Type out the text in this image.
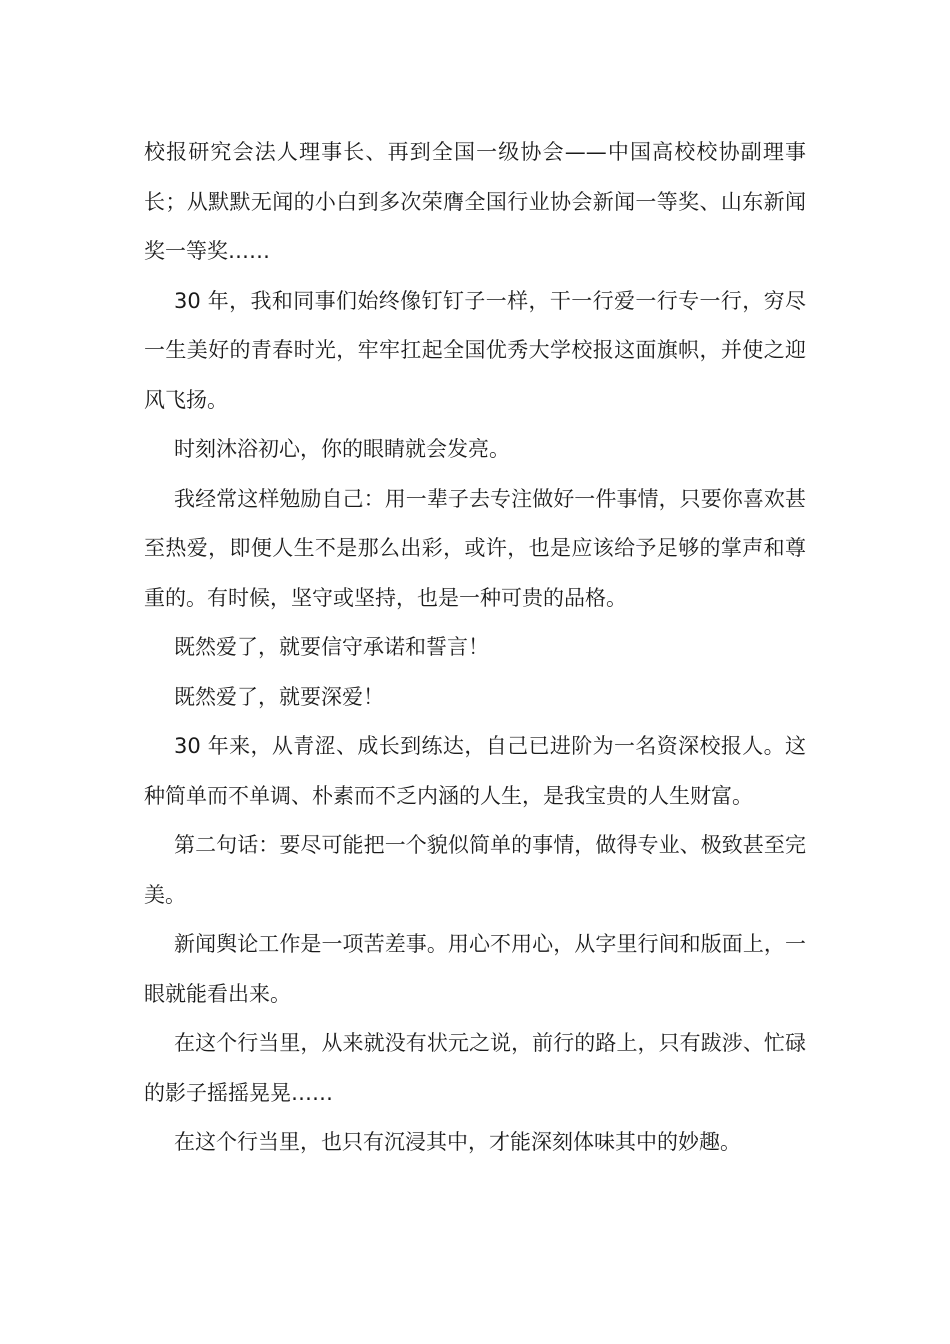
校报研究会法人理事长、再到全国一级协会——中国高校校协副理事长；从默默无闻的小白到多次荣膺全国行业协会新闻一等奖、山东新闻奖一等奖……

30 年，我和同事们始终像钉钉子一样，干一行爱一行专一行，穷尽一生美好的青春时光，牢牢扛起全国优秀大学校报这面旗帜，并使之迎风飞扬。

时刻沐浴初心，你的眼睛就会发亮。

我经常这样勉励自己：用一辈子去专注做好一件事情，只要你喜欢甚至热爱，即便人生不是那么出彩，或许，也是应该给予足够的掌声和尊重的。有时候，坚守或坚持，也是一种可贵的品格。

既然爱了，就要信守承诺和誓言！

既然爱了，就要深爱！

30 年来，从青涩、成长到练达，自己已进阶为一名资深校报人。这种简单而不单调、朴素而不乏内涵的人生，是我宝贵的人生财富。

第二句话：要尽可能把一个貌似简单的事情，做得专业、极致甚至完美。

新闻舆论工作是一项苦差事。用心不用心，从字里行间和版面上，一眼就能看出来。

在这个行当里，从来就没有状元之说，前行的路上，只有跋涉、忙碌的影子摇摇晃晃……

在这个行当里，也只有沉浸其中，才能深刻体味其中的妙趣。
